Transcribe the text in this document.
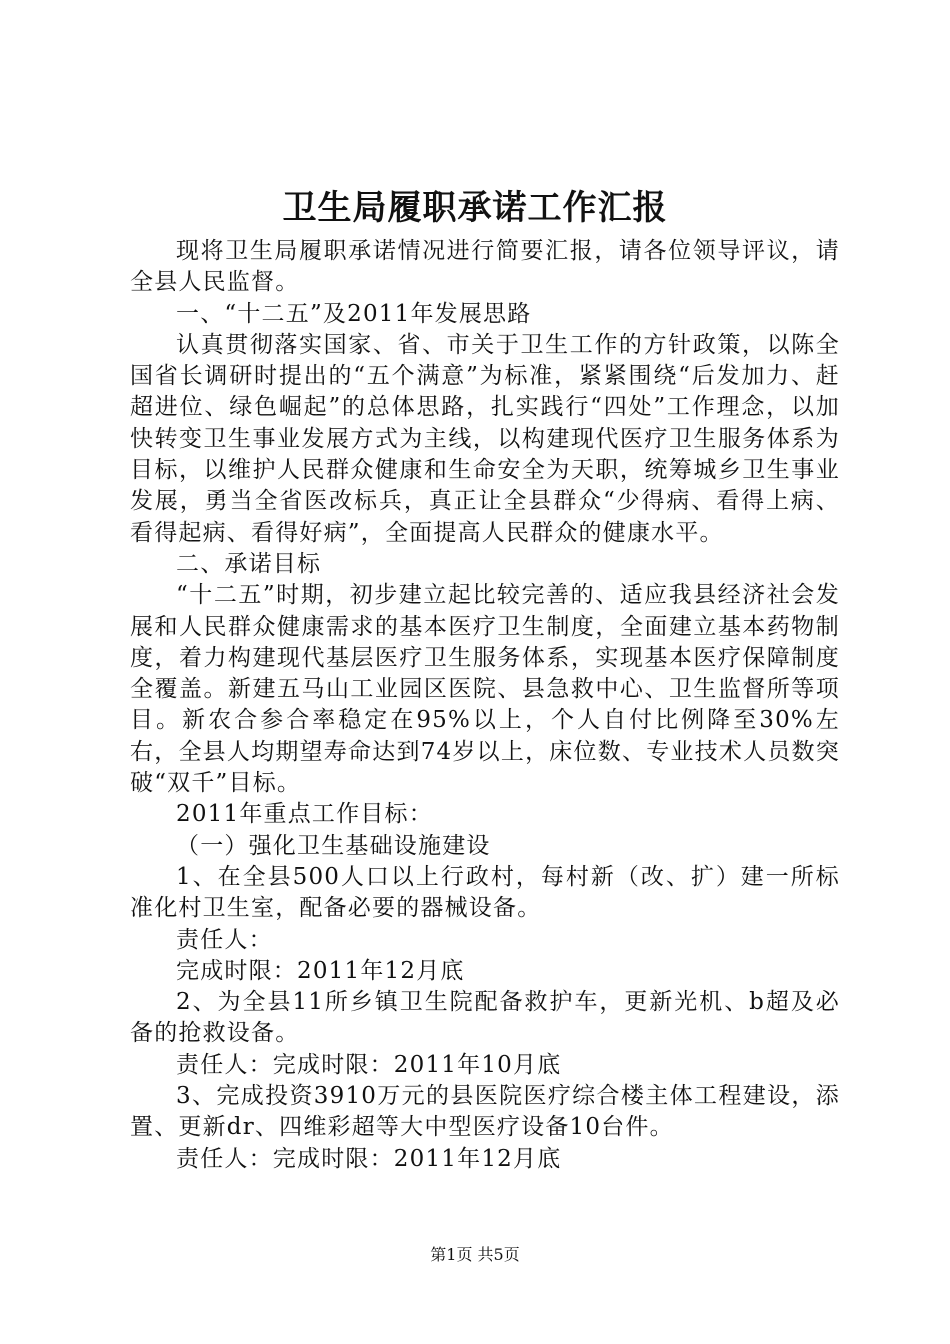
卫生局履职承诺工作汇报

现将卫生局履职承诺情况进行简要汇报，请各位领导评议，请全县人民监督。

一、“十二五”及2011年发展思路

认真贯彻落实国家、省、市关于卫生工作的方针政策，以陈全国省长调研时提出的“五个满意”为标准，紧紧围绕“后发加力、赶超进位、绿色崛起”的总体思路，扎实践行“四处”工作理念，以加快转变卫生事业发展方式为主线，以构建现代医疗卫生服务体系为目标，以维护人民群众健康和生命安全为天职，统筹城乡卫生事业发展，勇当全省医改标兵，真正让全县群众“少得病、看得上病、看得起病、看得好病”，全面提高人民群众的健康水平。

二、承诺目标

“十二五”时期，初步建立起比较完善的、适应我县经济社会发展和人民群众健康需求的基本医疗卫生制度，全面建立基本药物制度，着力构建现代基层医疗卫生服务体系，实现基本医疗保障制度全覆盖。新建五马山工业园区医院、县急救中心、卫生监督所等项目。新农合参合率稳定在95%以上，个人自付比例降至30%左右，全县人均期望寿命达到74岁以上，床位数、专业技术人员数突破“双千”目标。

2011年重点工作目标：

（一）强化卫生基础设施建设

1、在全县500人口以上行政村，每村新（改、扩）建一所标准化村卫生室，配备必要的器械设备。

责任人：

完成时限：2011年12月底

2、为全县11所乡镇卫生院配备救护车，更新光机、b超及必备的抢救设备。

责任人：完成时限：2011年10月底

3、完成投资3910万元的县医院医疗综合楼主体工程建设，添置、更新dr、四维彩超等大中型医疗设备10台件。

责任人：完成时限：2011年12月底

第1页 共5页
